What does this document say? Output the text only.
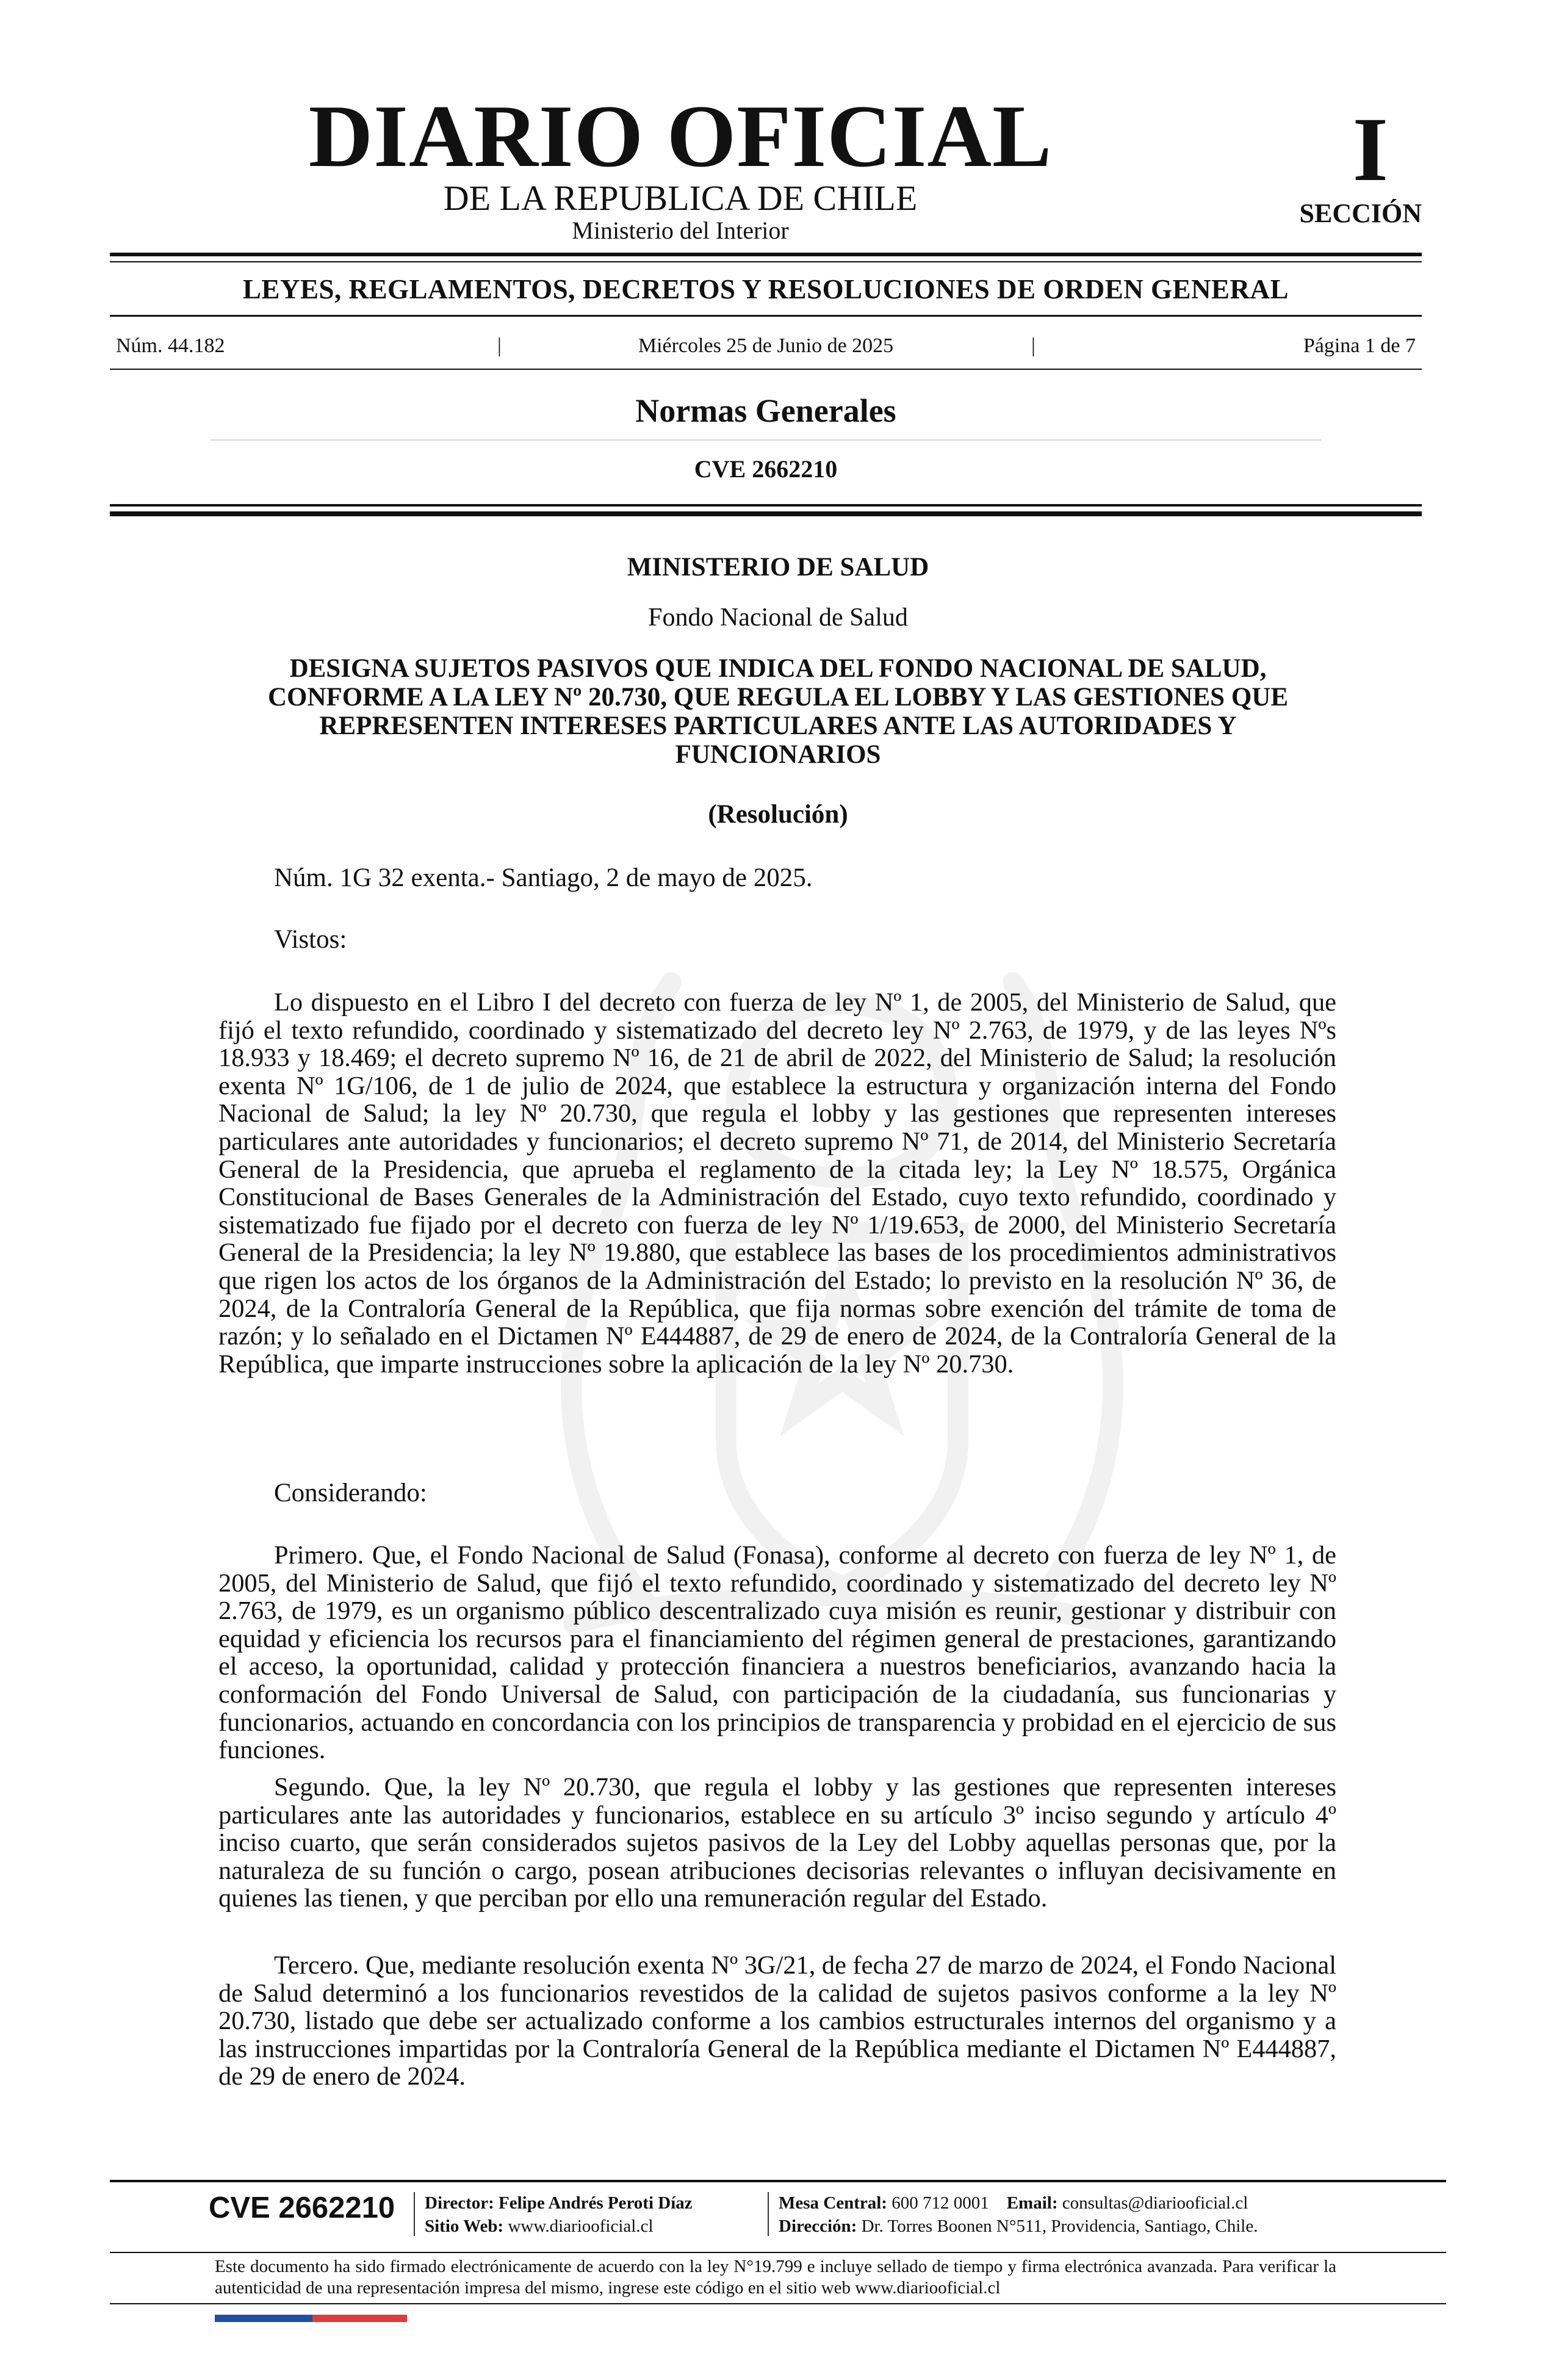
DIARIO OFICIAL
DE LA REPUBLICA DE CHILE
Ministerio del Interior
I
SECCIÓN
LEYES, REGLAMENTOS, DECRETOS Y RESOLUCIONES DE ORDEN GENERAL
Núm. 44.182	|	Miércoles 25 de Junio de 2025	|	Página 1 de 7
Normas Generales
CVE 2662210
MINISTERIO DE SALUD
Fondo Nacional de Salud
DESIGNA SUJETOS PASIVOS QUE INDICA DEL FONDO NACIONAL DE SALUD, CONFORME A LA LEY Nº 20.730, QUE REGULA EL LOBBY Y LAS GESTIONES QUE REPRESENTEN INTERESES PARTICULARES ANTE LAS AUTORIDADES Y FUNCIONARIOS
(Resolución)
Núm. 1G 32 exenta.- Santiago, 2 de mayo de 2025.
Vistos:

Lo dispuesto en el Libro I del decreto con fuerza de ley Nº 1, de 2005, del Ministerio de Salud, que fijó el texto refundido, coordinado y sistematizado del decreto ley Nº 2.763, de 1979, y de las leyes Nºs 18.933 y 18.469; el decreto supremo Nº 16, de 21 de abril de 2022, del Ministerio de Salud; la resolución exenta Nº 1G/106, de 1 de julio de 2024, que establece la estructura y organización interna del Fondo Nacional de Salud; la ley Nº 20.730, que regula el lobby y las gestiones que representen intereses particulares ante autoridades y funcionarios; el decreto supremo Nº 71, de 2014, del Ministerio Secretaría General de la Presidencia, que aprueba el reglamento de la citada ley; la Ley Nº 18.575, Orgánica Constitucional de Bases Generales de la Administración del Estado, cuyo texto refundido, coordinado y sistematizado fue fijado por el decreto con fuerza de ley Nº 1/19.653, de 2000, del Ministerio Secretaría General de la Presidencia; la ley Nº 19.880, que establece las bases de los procedimientos administrativos que rigen los actos de los órganos de la Administración del Estado; lo previsto en la resolución Nº 36, de 2024, de la Contraloría General de la República, que fija normas sobre exención del trámite de toma de razón; y lo señalado en el Dictamen Nº E444887, de 29 de enero de 2024, de la Contraloría General de la República, que imparte instrucciones sobre la aplicación de la ley Nº 20.730.

Considerando:

Primero. Que, el Fondo Nacional de Salud (Fonasa), conforme al decreto con fuerza de ley Nº 1, de 2005, del Ministerio de Salud, que fijó el texto refundido, coordinado y sistematizado del decreto ley Nº 2.763, de 1979, es un organismo público descentralizado cuya misión es reunir, gestionar y distribuir con equidad y eficiencia los recursos para el financiamiento del régimen general de prestaciones, garantizando el acceso, la oportunidad, calidad y protección financiera a nuestros beneficiarios, avanzando hacia la conformación del Fondo Universal de Salud, con participación de la ciudadanía, sus funcionarias y funcionarios, actuando en concordancia con los principios de transparencia y probidad en el ejercicio de sus funciones.

Segundo. Que, la ley Nº 20.730, que regula el lobby y las gestiones que representen intereses particulares ante las autoridades y funcionarios, establece en su artículo 3º inciso segundo y artículo 4º inciso cuarto, que serán considerados sujetos pasivos de la Ley del Lobby aquellas personas que, por la naturaleza de su función o cargo, posean atribuciones decisorias relevantes o influyan decisivamente en quienes las tienen, y que perciban por ello una remuneración regular del Estado.

Tercero. Que, mediante resolución exenta Nº 3G/21, de fecha 27 de marzo de 2024, el Fondo Nacional de Salud determinó a los funcionarios revestidos de la calidad de sujetos pasivos conforme a la ley Nº 20.730, listado que debe ser actualizado conforme a los cambios estructurales internos del organismo y a las instrucciones impartidas por la Contraloría General de la República mediante el Dictamen Nº E444887, de 29 de enero de 2024.

CVE 2662210 Director: Felipe Andrés Peroti Díaz
Sitio Web: www.diariooficial.cl
Mesa Central: 600 712 0001 Email: consultas@diariooficial.cl
Dirección: Dr. Torres Boonen N°511, Providencia, Santiago, Chile.
Este documento ha sido firmado electrónicamente de acuerdo con la ley N°19.799 e incluye sellado de tiempo y firma electrónica avanzada. Para verificar la autenticidad de una representación impresa del mismo, ingrese este código en el sitio web www.diariooficial.cl
